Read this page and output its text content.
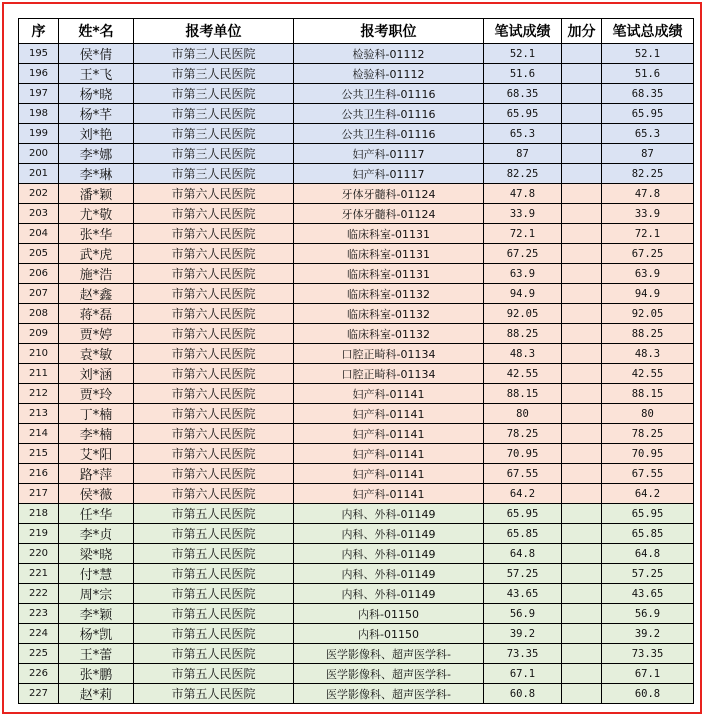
序	姓*名	报考单位	报考职位	笔试成绩	加分	笔试总成绩
195	侯*倩	市第三人民医院	检验科-01112	52.1		52.1
196	王*飞	市第三人民医院	检验科-01112	51.6		51.6
197	杨*晓	市第三人民医院	公共卫生科-01116	68.35		68.35
198	杨*芊	市第三人民医院	公共卫生科-01116	65.95		65.95
199	刘*艳	市第三人民医院	公共卫生科-01116	65.3		65.3
200	李*娜	市第三人民医院	妇产科-01117	87		87
201	李*琳	市第三人民医院	妇产科-01117	82.25		82.25
202	潘*颖	市第六人民医院	牙体牙髓科-01124	47.8		47.8
203	尤*敬	市第六人民医院	牙体牙髓科-01124	33.9		33.9
204	张*华	市第六人民医院	临床科室-01131	72.1		72.1
205	武*虎	市第六人民医院	临床科室-01131	67.25		67.25
206	施*浩	市第六人民医院	临床科室-01131	63.9		63.9
207	赵*鑫	市第六人民医院	临床科室-01132	94.9		94.9
208	蒋*磊	市第六人民医院	临床科室-01132	92.05		92.05
209	贾*婷	市第六人民医院	临床科室-01132	88.25		88.25
210	袁*敏	市第六人民医院	口腔正畸科-01134	48.3		48.3
211	刘*涵	市第六人民医院	口腔正畸科-01134	42.55		42.55
212	贾*玲	市第六人民医院	妇产科-01141	88.15		88.15
213	丁*楠	市第六人民医院	妇产科-01141	80		80
214	李*楠	市第六人民医院	妇产科-01141	78.25		78.25
215	艾*阳	市第六人民医院	妇产科-01141	70.95		70.95
216	路*萍	市第六人民医院	妇产科-01141	67.55		67.55
217	侯*薇	市第六人民医院	妇产科-01141	64.2		64.2
218	任*华	市第五人民医院	内科、外科-01149	65.95		65.95
219	李*贞	市第五人民医院	内科、外科-01149	65.85		65.85
220	梁*晓	市第五人民医院	内科、外科-01149	64.8		64.8
221	付*慧	市第五人民医院	内科、外科-01149	57.25		57.25
222	周*宗	市第五人民医院	内科、外科-01149	43.65		43.65
223	李*颖	市第五人民医院	内科-01150	56.9		56.9
224	杨*凯	市第五人民医院	内科-01150	39.2		39.2
225	王*蕾	市第五人民医院	医学影像科、超声医学科-	73.35		73.35
226	张*鹏	市第五人民医院	医学影像科、超声医学科-	67.1		67.1
227	赵*莉	市第五人民医院	医学影像科、超声医学科-	60.8		60.8
